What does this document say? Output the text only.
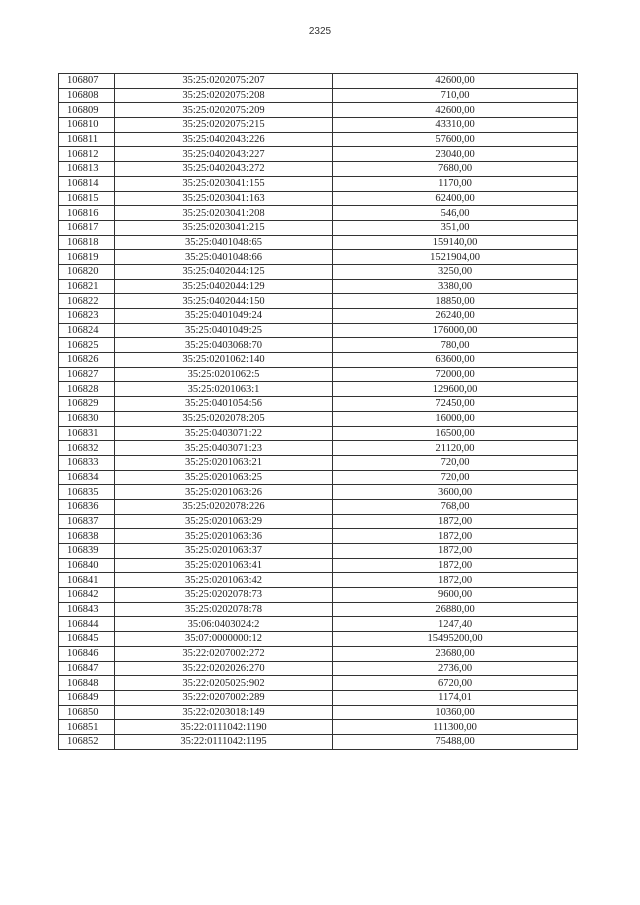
2325
106807	35:25:0202075:207	42600,00
106808	35:25:0202075:208	710,00
106809	35:25:0202075:209	42600,00
106810	35:25:0202075:215	43310,00
106811	35:25:0402043:226	57600,00
106812	35:25:0402043:227	23040,00
106813	35:25:0402043:272	7680,00
106814	35:25:0203041:155	1170,00
106815	35:25:0203041:163	62400,00
106816	35:25:0203041:208	546,00
106817	35:25:0203041:215	351,00
106818	35:25:0401048:65	159140,00
106819	35:25:0401048:66	1521904,00
106820	35:25:0402044:125	3250,00
106821	35:25:0402044:129	3380,00
106822	35:25:0402044:150	18850,00
106823	35:25:0401049:24	26240,00
106824	35:25:0401049:25	176000,00
106825	35:25:0403068:70	780,00
106826	35:25:0201062:140	63600,00
106827	35:25:0201062:5	72000,00
106828	35:25:0201063:1	129600,00
106829	35:25:0401054:56	72450,00
106830	35:25:0202078:205	16000,00
106831	35:25:0403071:22	16500,00
106832	35:25:0403071:23	21120,00
106833	35:25:0201063:21	720,00
106834	35:25:0201063:25	720,00
106835	35:25:0201063:26	3600,00
106836	35:25:0202078:226	768,00
106837	35:25:0201063:29	1872,00
106838	35:25:0201063:36	1872,00
106839	35:25:0201063:37	1872,00
106840	35:25:0201063:41	1872,00
106841	35:25:0201063:42	1872,00
106842	35:25:0202078:73	9600,00
106843	35:25:0202078:78	26880,00
106844	35:06:0403024:2	1247,40
106845	35:07:0000000:12	15495200,00
106846	35:22:0207002:272	23680,00
106847	35:22:0202026:270	2736,00
106848	35:22:0205025:902	6720,00
106849	35:22:0207002:289	1174,01
106850	35:22:0203018:149	10360,00
106851	35:22:0111042:1190	111300,00
106852	35:22:0111042:1195	75488,00
